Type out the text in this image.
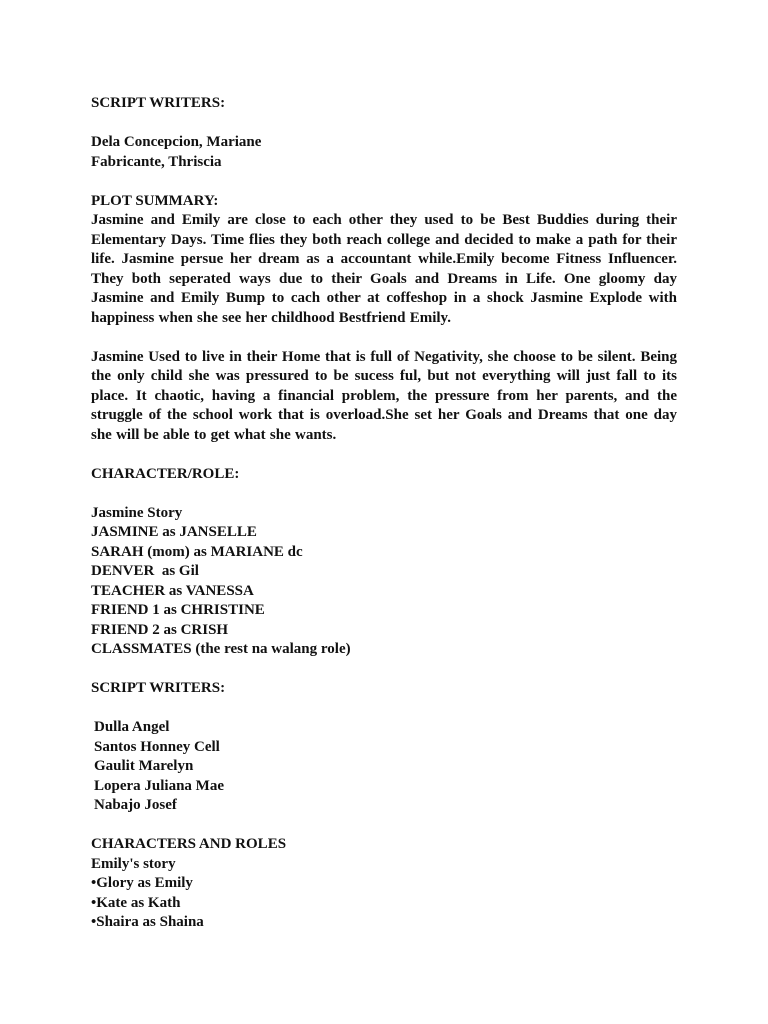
SCRIPT WRITERS:
Dela Concepcion, Mariane
Fabricante, Thriscia
PLOT SUMMARY:
Jasmine and Emily are close to each other they used to be Best Buddies during their Elementary Days. Time flies they both reach college and decided to make a path for their life. Jasmine persue her dream as a accountant while.Emily become Fitness Influencer. They both seperated ways due to their Goals and Dreams in Life. One gloomy day Jasmine and Emily Bump to cach other at coffeshop in a shock Jasmine Explode with happiness when she see her childhood Bestfriend Emily.
Jasmine Used to live in their Home that is full of Negativity, she choose to be silent. Being the only child she was pressured to be sucess ful, but not everything will just fall to its place. It chaotic, having a financial problem, the pressure from her parents, and the struggle of the school work that is overload.She set her Goals and Dreams that one day she will be able to get what she wants.
CHARACTER/ROLE:
Jasmine Story
JASMINE as JANSELLE
SARAH (mom) as MARIANE dc
DENVER  as Gil
TEACHER as VANESSA
FRIEND 1 as CHRISTINE
FRIEND 2 as CRISH
CLASSMATES (the rest na walang role)
SCRIPT WRITERS:
Dulla Angel
Santos Honney Cell
Gaulit Marelyn
Lopera Juliana Mae
Nabajo Josef
CHARACTERS AND ROLES
Emily's story
•Glory as Emily
•Kate as Kath
•Shaira as Shaina
